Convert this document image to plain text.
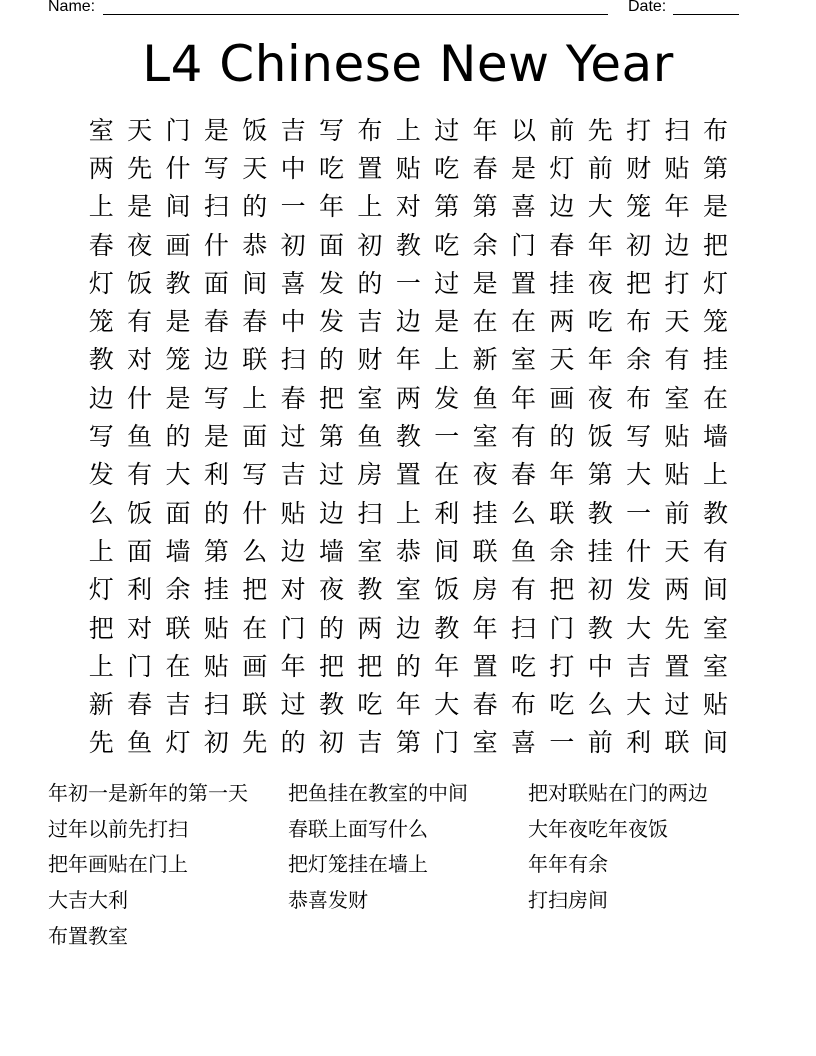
Name:	Date:
L4 Chinese New Year
室 天 门 是 饭 吉 写 布 上 过 年 以 前 先 打 扫 布
两 先 什 写 天 中 吃 置 贴 吃 春 是 灯 前 财 贴 第
上 是 间 扫 的 一 年 上 对 第 第 喜 边 大 笼 年 是
春 夜 画 什 恭 初 面 初 教 吃 余 门 春 年 初 边 把
灯 饭 教 面 间 喜 发 的 一 过 是 置 挂 夜 把 打 灯
笼 有 是 春 春 中 发 吉 边 是 在 在 两 吃 布 天 笼
教 对 笼 边 联 扫 的 财 年 上 新 室 天 年 余 有 挂
边 什 是 写 上 春 把 室 两 发 鱼 年 画 夜 布 室 在
写 鱼 的 是 面 过 第 鱼 教 一 室 有 的 饭 写 贴 墙
发 有 大 利 写 吉 过 房 置 在 夜 春 年 第 大 贴 上
么 饭 面 的 什 贴 边 扫 上 利 挂 么 联 教 一 前 教
上 面 墙 第 么 边 墙 室 恭 间 联 鱼 余 挂 什 天 有
灯 利 余 挂 把 对 夜 教 室 饭 房 有 把 初 发 两 间
把 对 联 贴 在 门 的 两 边 教 年 扫 门 教 大 先 室
上 门 在 贴 画 年 把 把 的 年 置 吃 打 中 吉 置 室
新 春 吉 扫 联 过 教 吃 年 大 春 布 吃 么 大 过 贴
先 鱼 灯 初 先 的 初 吉 第 门 室 喜 一 前 利 联 间
年初一是新年的第一天	把鱼挂在教室的中间	把对联贴在门的两边
过年以前先打扫	春联上面写什么	大年夜吃年夜饭
把年画贴在门上	把灯笼挂在墙上	年年有余
大吉大利	恭喜发财	打扫房间
布置教室
